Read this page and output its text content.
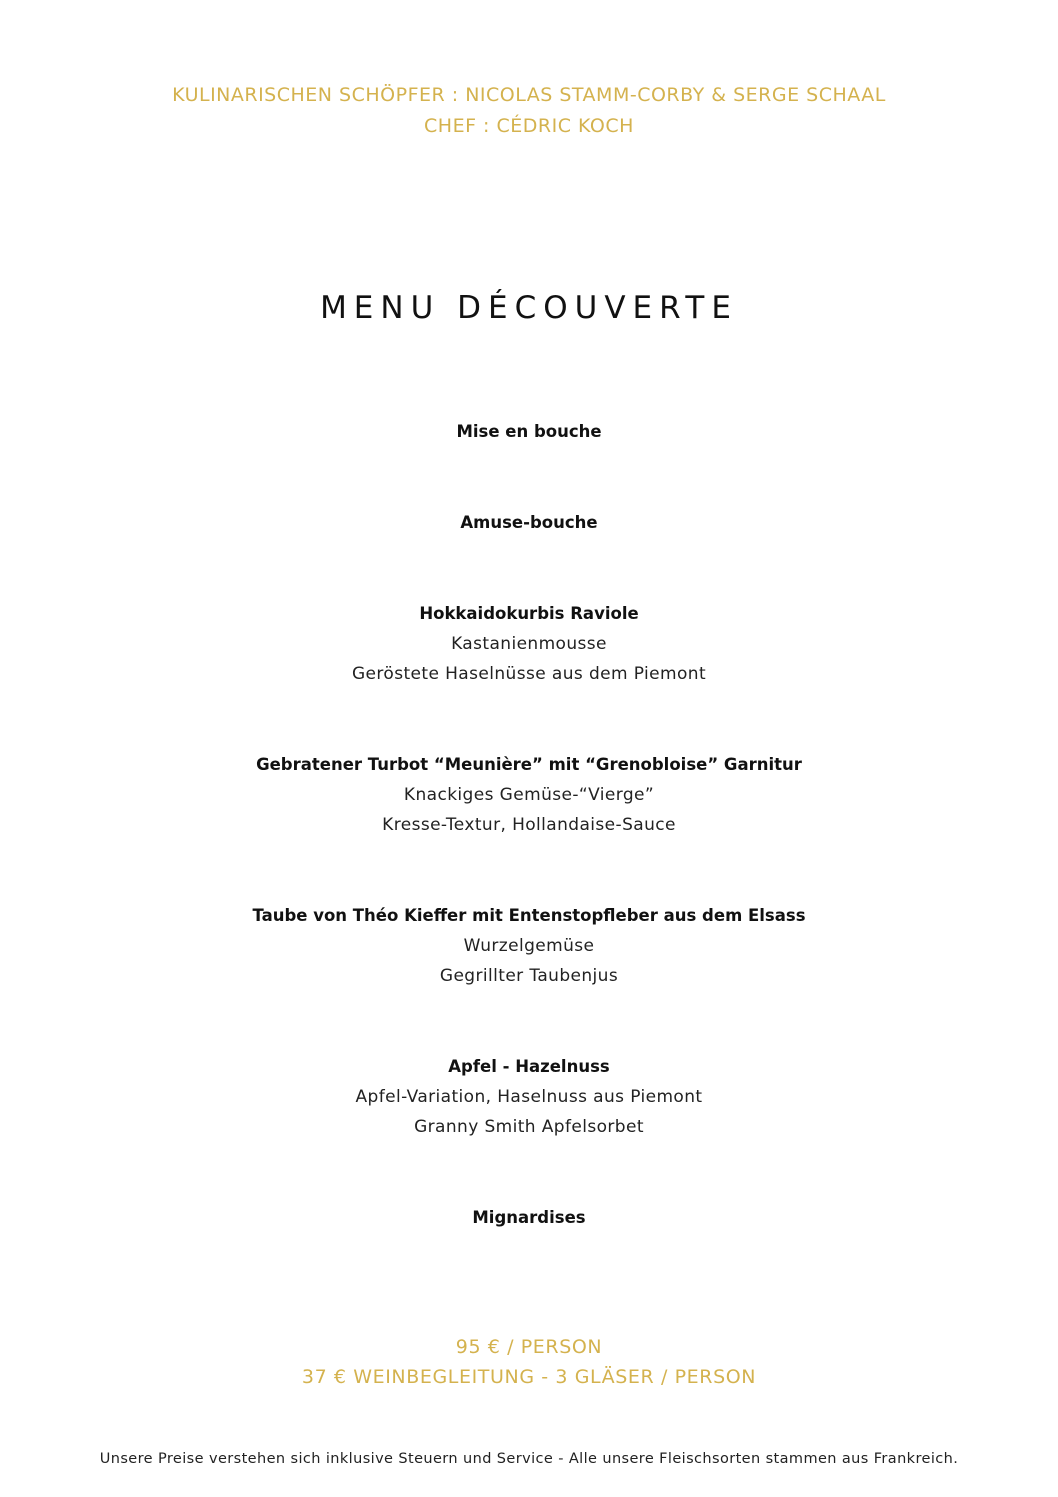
KULINARISCHEN SCHÖPFER : NICOLAS STAMM-CORBY & SERGE SCHAAL
CHEF : CÉDRIC KOCH
MENU DÉCOUVERTE
Mise en bouche
Amuse-bouche
Hokkaidokurbis Raviole
Kastanienmousse
Geröstete Haselnüsse aus dem Piemont
Gebratener Turbot “Meunière” mit “Grenobloise” Garnitur
Knackiges Gemüse-“Vierge”
Kresse-Textur, Hollandaise-Sauce
Taube von Théo Kieffer mit Entenstopfleber aus dem Elsass
Wurzelgemüse
Gegrillter Taubenjus
Apfel - Hazelnuss
Apfel-Variation, Haselnuss aus Piemont
Granny Smith Apfelsorbet
Mignardises
95 € / PERSON
37 € WEINBEGLEITUNG - 3 GLÄSER / PERSON
Unsere Preise verstehen sich inklusive Steuern und Service - Alle unsere Fleischsorten stammen aus Frankreich.
